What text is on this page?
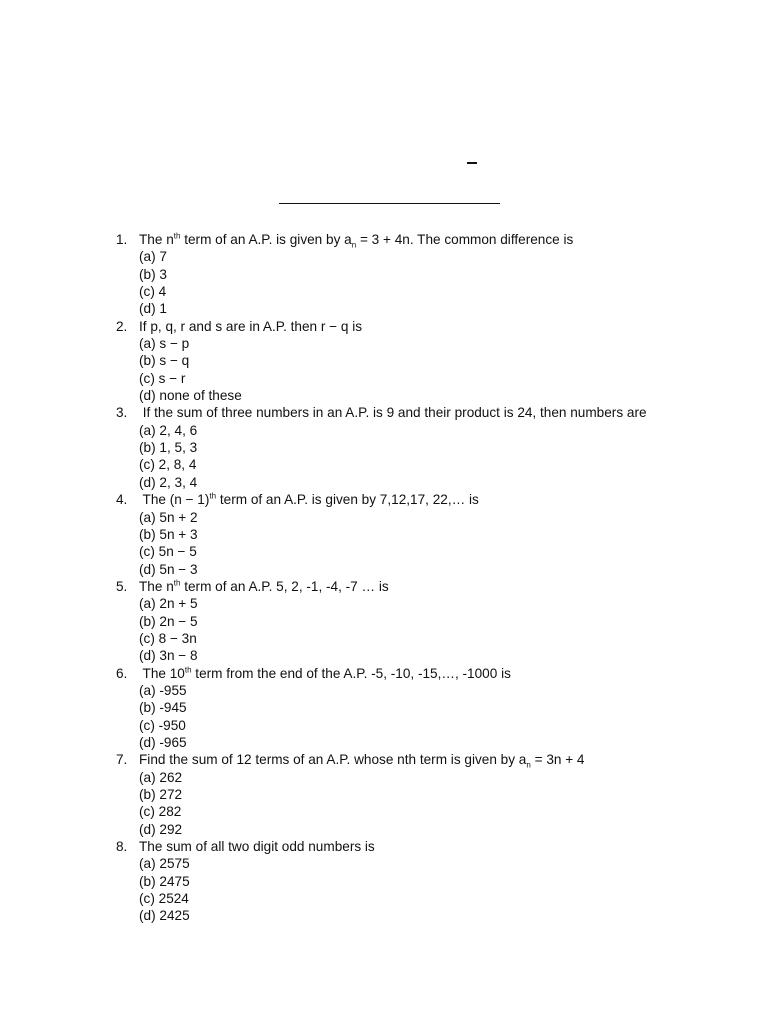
1. The $n^{th}$ term of an A.P. is given by $a_n = 3 + 4n$. The common difference is
(a) 7
(b) 3
(c) 4
(d) 1
2. If p, q, r and s are in A.P. then r − q is
(a) s − p
(b) s − q
(c) s − r
(d) none of these
3. If the sum of three numbers in an A.P. is 9 and their product is 24, then numbers are
(a) 2, 4, 6
(b) 1, 5, 3
(c) 2, 8, 4
(d) 2, 3, 4
4. The $(n - 1)^{th}$ term of an A.P. is given by 7,12,17, 22,… is
(a) 5n + 2
(b) 5n + 3
(c) 5n − 5
(d) 5n − 3
5. The $n^{th}$ term of an A.P. 5, 2, -1, -4, -7 … is
(a) 2n + 5
(b) 2n − 5
(c) 8 − 3n
(d) 3n − 8
6. The 10th term from the end of the A.P. -5, -10, -15,…, -1000 is
(a) -955
(b) -945
(c) -950
(d) -965
7. Find the sum of 12 terms of an A.P. whose nth term is given by $a_n = 3n + 4$
(a) 262
(b) 272
(c) 282
(d) 292
8. The sum of all two digit odd numbers is
(a) 2575
(b) 2475
(c) 2524
(d) 2425
